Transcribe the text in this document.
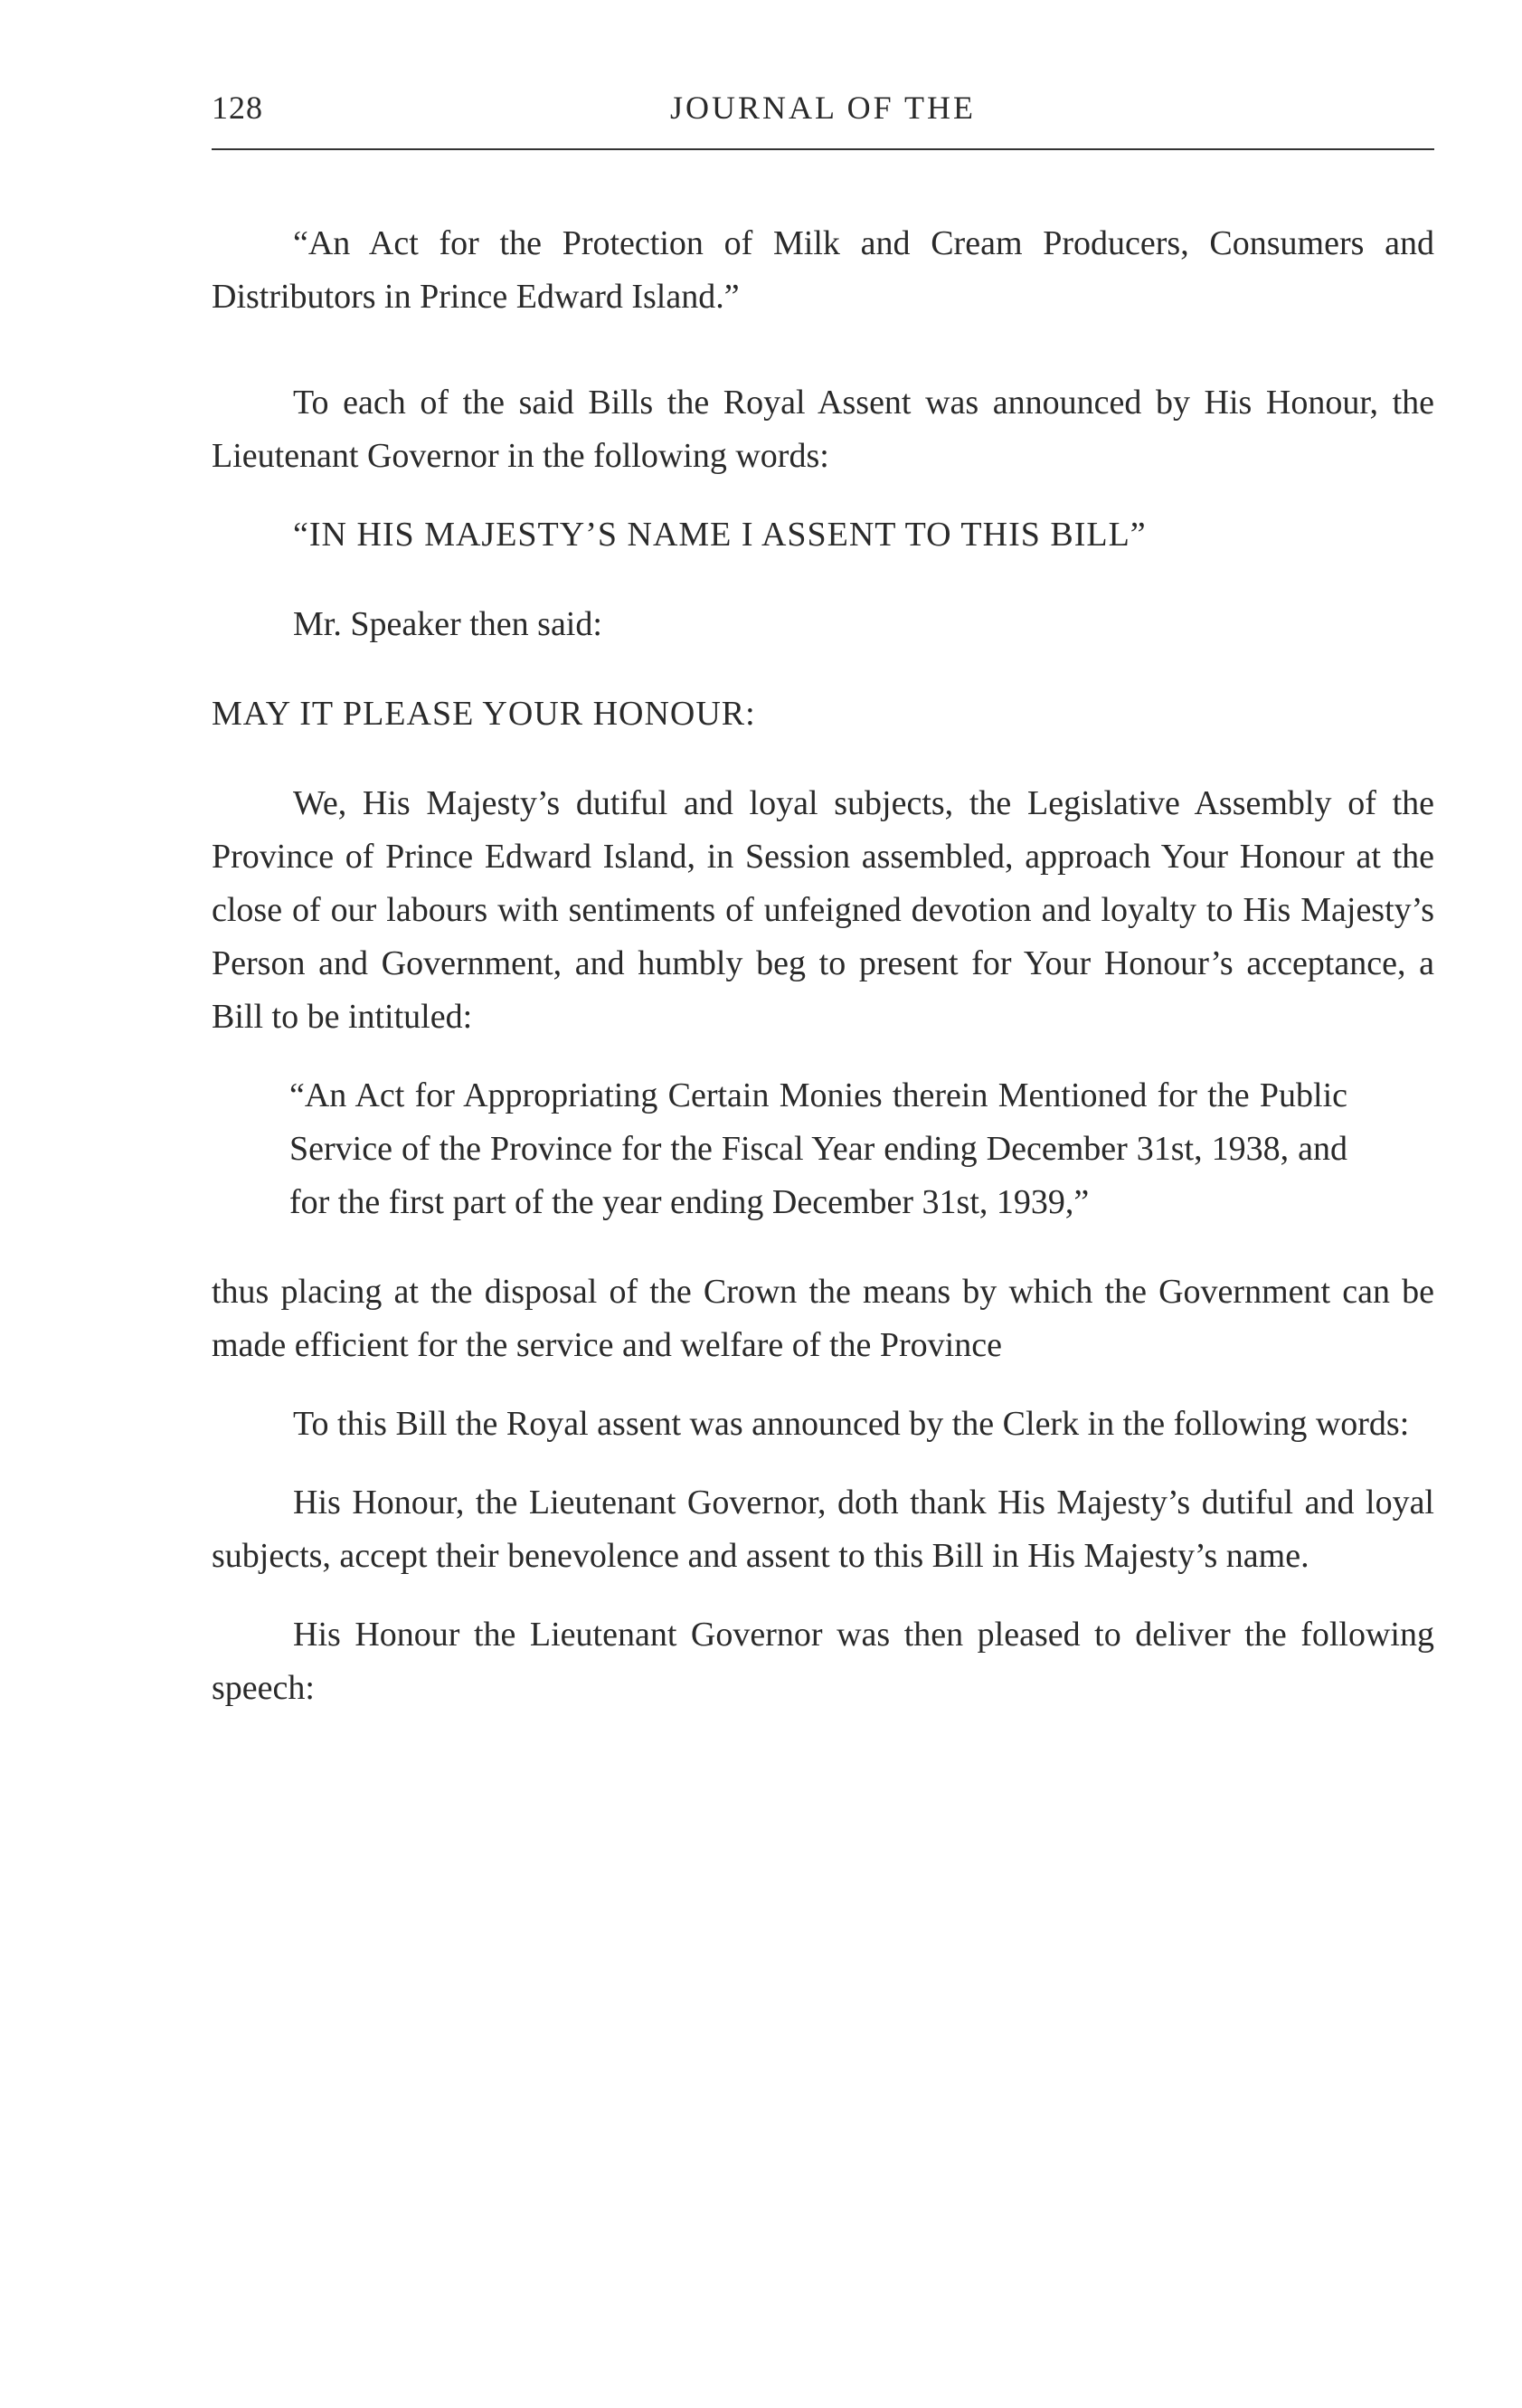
128	JOURNAL OF THE

“An Act for the Protection of Milk and Cream Producers, Consumers and Distributors in Prince Edward Island.”

To each of the said Bills the Royal Assent was announced by His Honour, the Lieutenant Governor in the following words:

“IN HIS MAJESTY’S NAME I ASSENT TO THIS BILL”

Mr. Speaker then said:

MAY IT PLEASE YOUR HONOUR:

We, His Majesty’s dutiful and loyal subjects, the Legislative Assembly of the Province of Prince Edward Island, in Session assembled, approach Your Honour at the close of our labours with sentiments of unfeigned devotion and loyalty to His Majesty’s Person and Government, and humbly beg to present for Your Honour’s acceptance, a Bill to be intituled:

“An Act for Appropriating Certain Monies therein Mentioned for the Public Service of the Province for the Fiscal Year ending December 31st, 1938, and for the first part of the year ending December 31st, 1939,”

thus placing at the disposal of the Crown the means by which the Government can be made efficient for the service and welfare of the Province

To this Bill the Royal assent was announced by the Clerk in the following words:

His Honour, the Lieutenant Governor, doth thank His Majesty’s dutiful and loyal subjects, accept their benevolence and assent to this Bill in His Majesty’s name.

His Honour the Lieutenant Governor was then pleased to deliver the following speech:
